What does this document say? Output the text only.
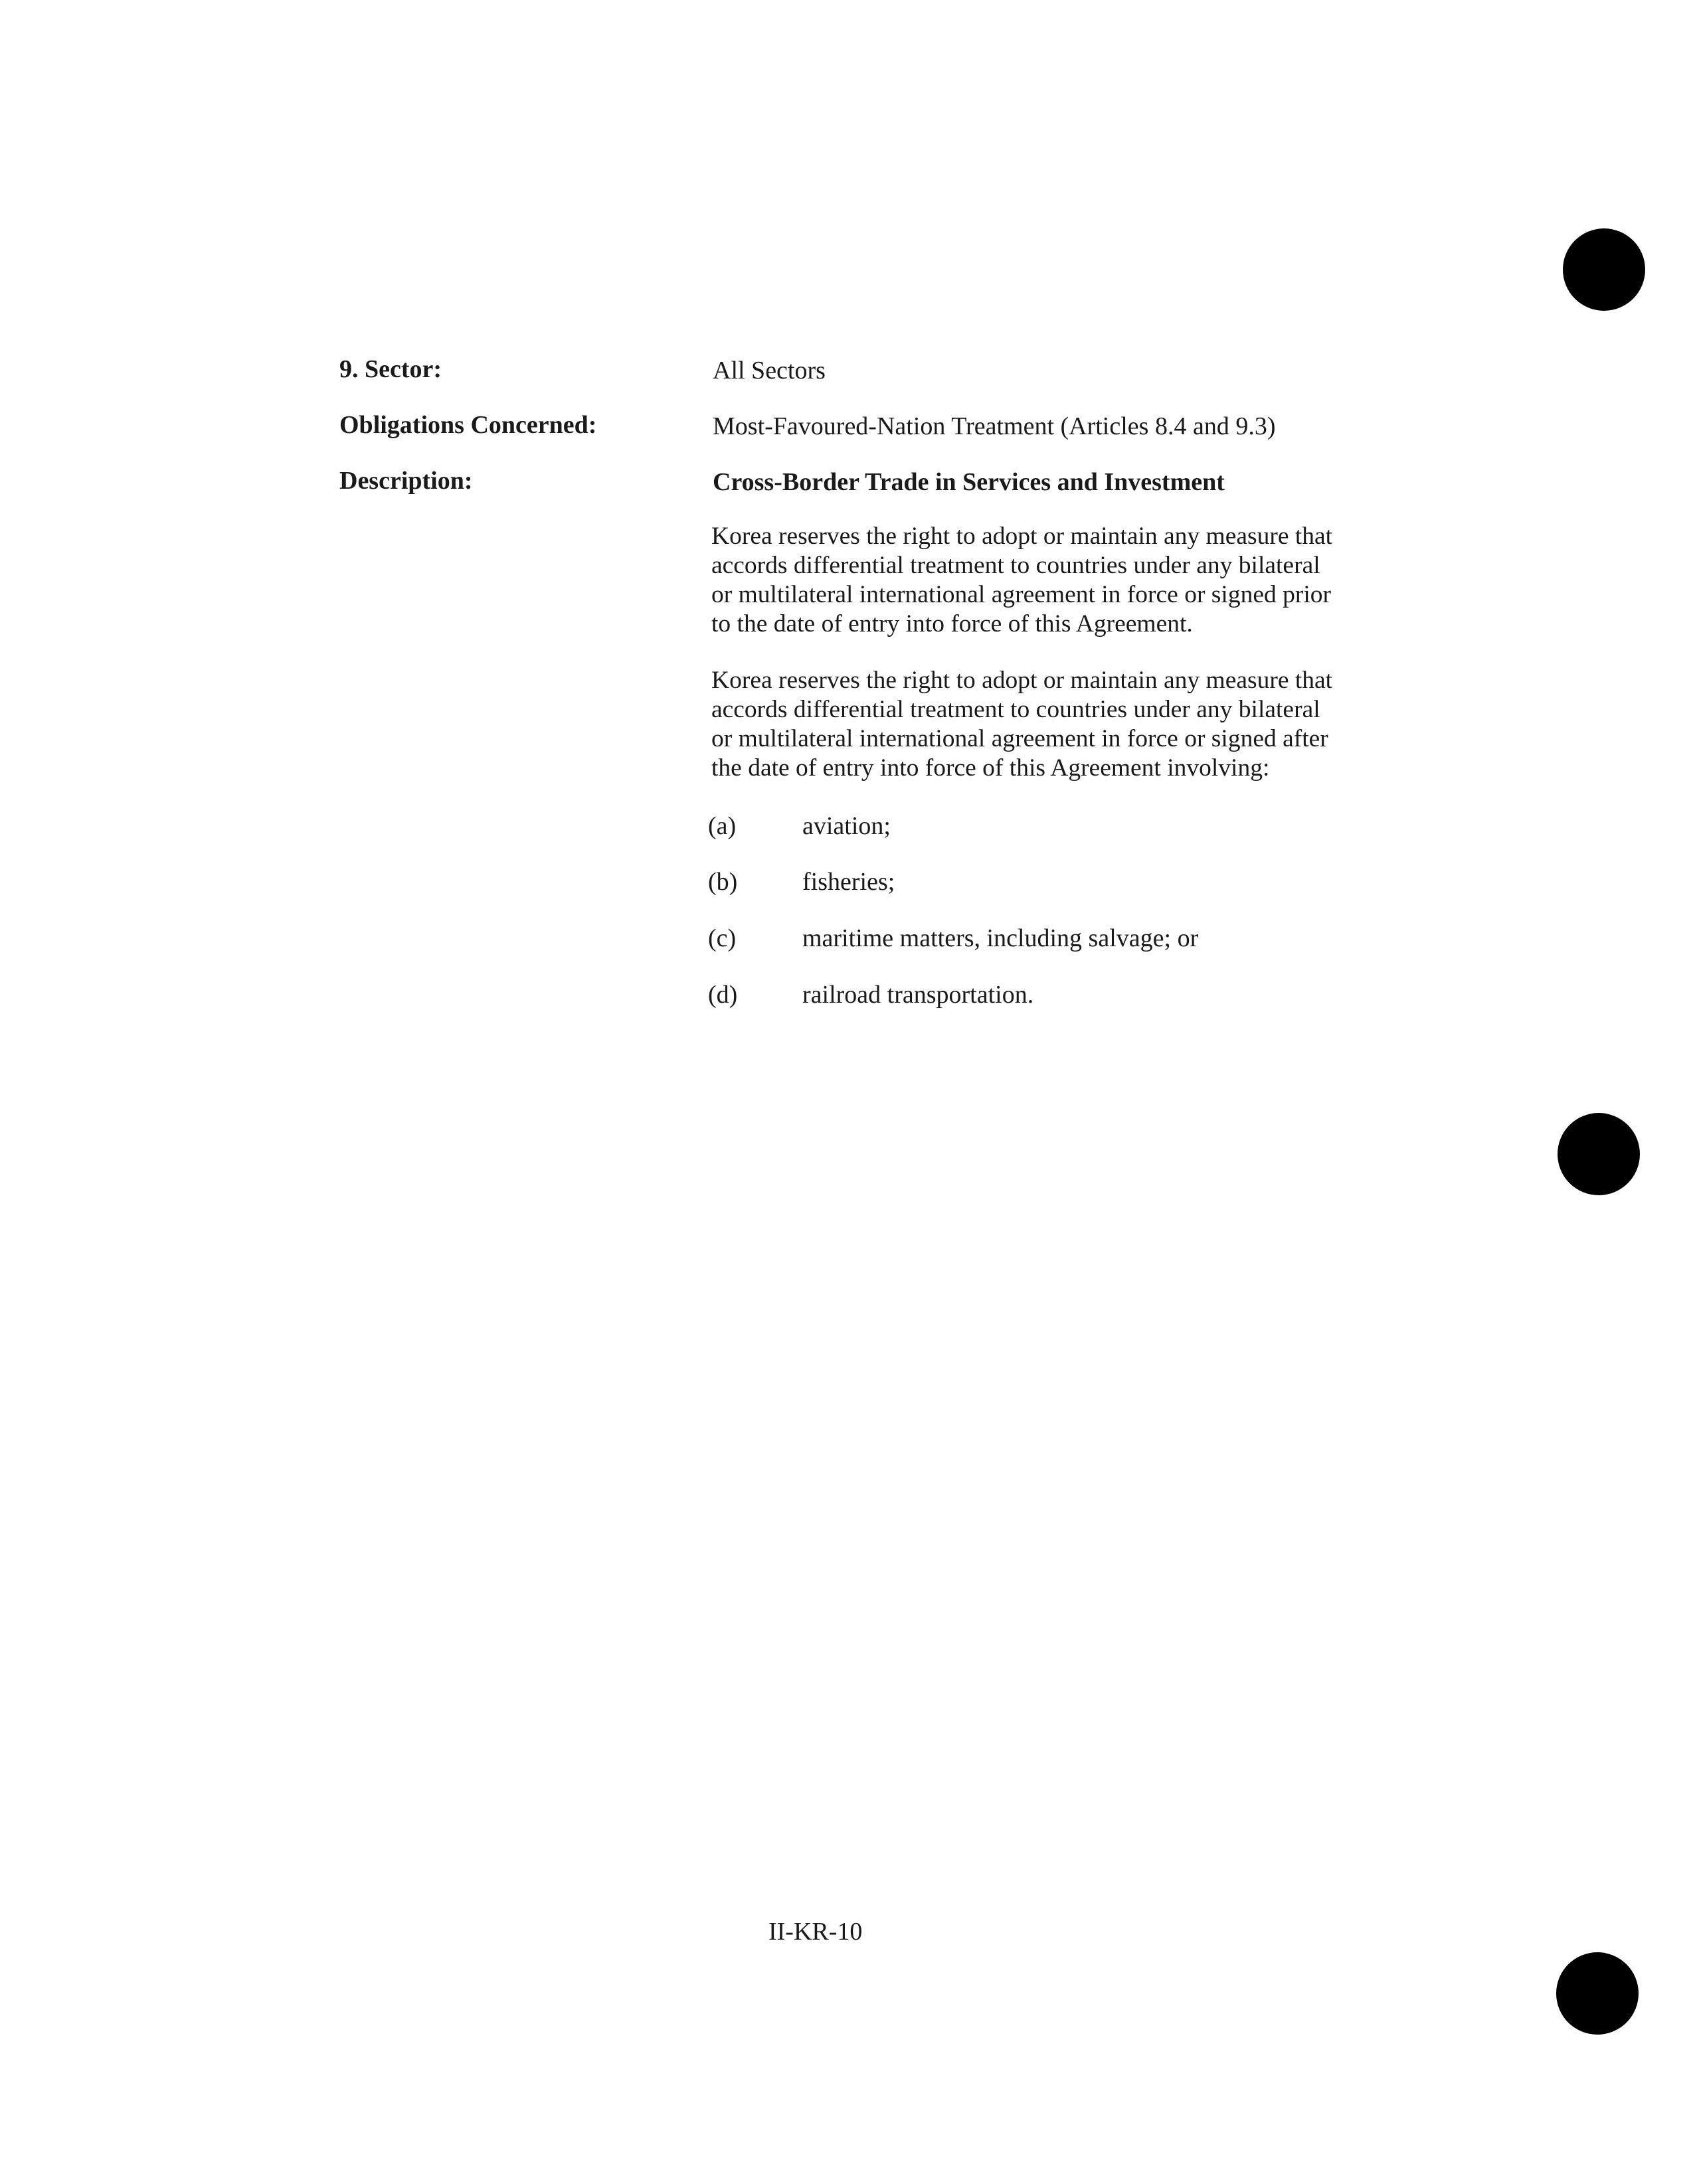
9. Sector:	All Sectors
Obligations Concerned:	Most-Favoured-Nation Treatment (Articles 8.4 and 9.3)
Description:	Cross-Border Trade in Services and Investment
Korea reserves the right to adopt or maintain any measure that
accords differential treatment to countries under any bilateral
or multilateral international agreement in force or signed prior
to the date of entry into force of this Agreement.
Korea reserves the right to adopt or maintain any measure that
accords differential treatment to countries under any bilateral
or multilateral international agreement in force or signed after
the date of entry into force of this Agreement involving:
(a)	aviation;
(b)	fisheries;
(c)	maritime matters, including salvage; or
(d)	railroad transportation.
II-KR-10
